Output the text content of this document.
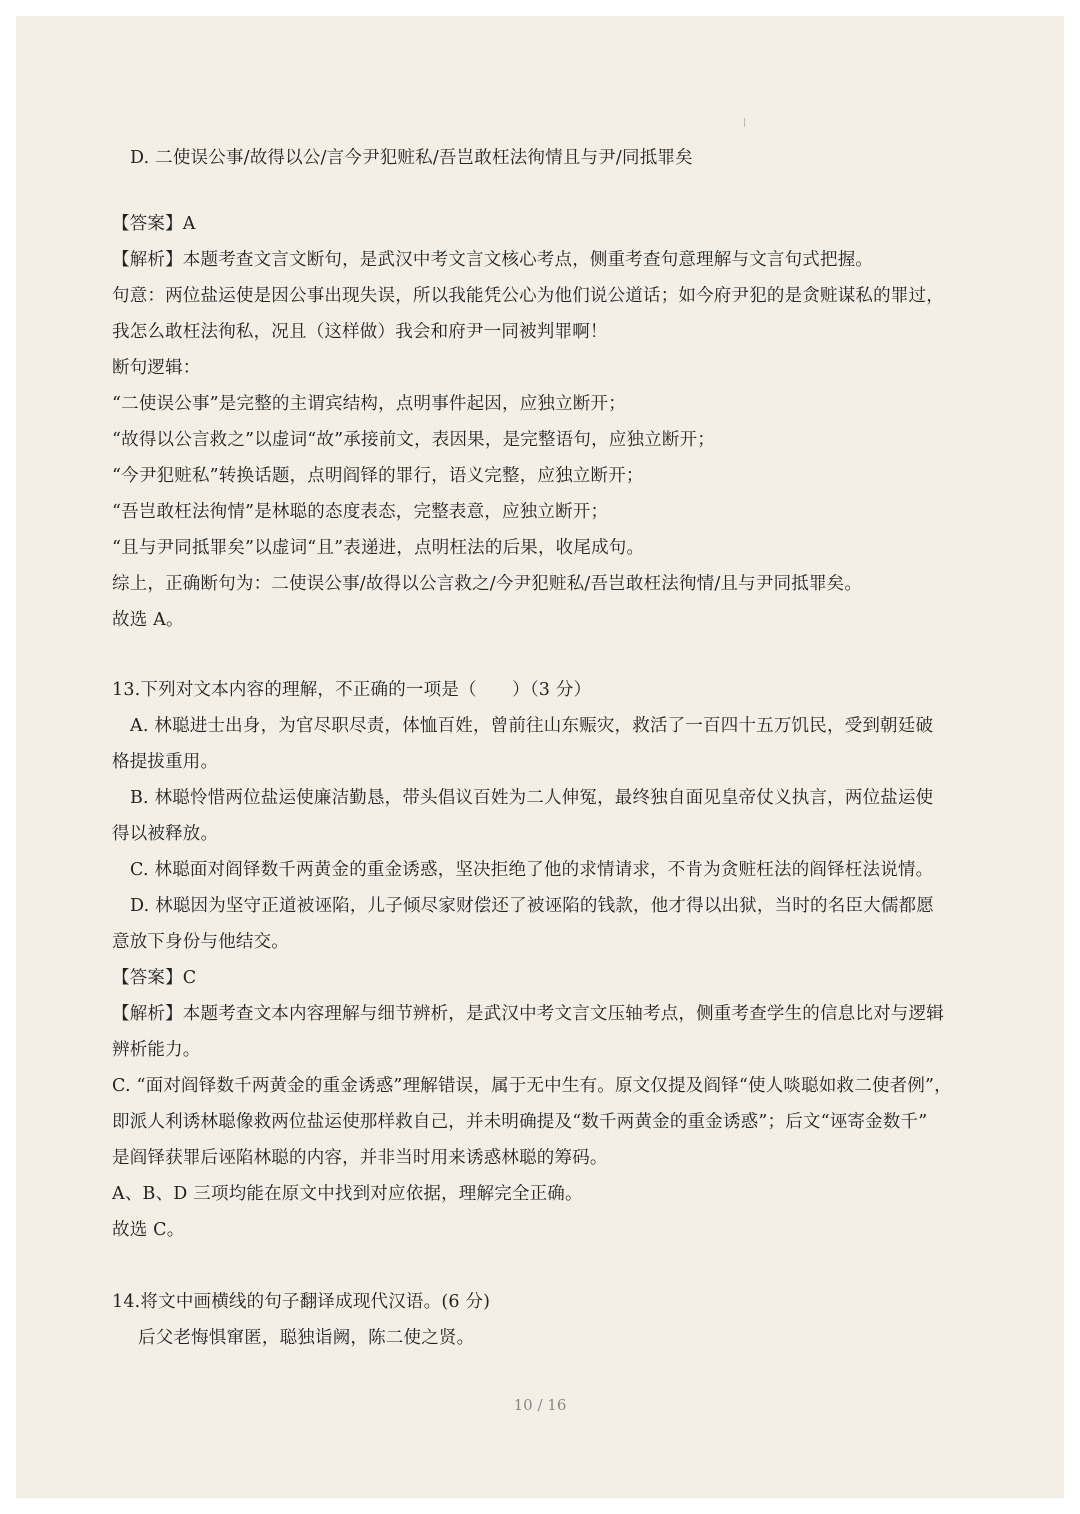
D. 二使误公事/故得以公/言今尹犯赃私/吾岂敢枉法徇情且与尹/同抵罪矣
【答案】A
【解析】本题考查文言文断句，是武汉中考文言文核心考点，侧重考查句意理解与文言句式把握。
句意：两位盐运使是因公事出现失误，所以我能凭公心为他们说公道话；如今府尹犯的是贪赃谋私的罪过，
我怎么敢枉法徇私，况且（这样做）我会和府尹一同被判罪啊！
断句逻辑：
“二使误公事”是完整的主谓宾结构，点明事件起因，应独立断开；
“故得以公言救之”以虚词“故”承接前文，表因果，是完整语句，应独立断开；
“今尹犯赃私”转换话题，点明阎铎的罪行，语义完整，应独立断开；
“吾岂敢枉法徇情”是林聪的态度表态，完整表意，应独立断开；
“且与尹同抵罪矣”以虚词“且”表递进，点明枉法的后果，收尾成句。
综上，正确断句为：二使误公事/故得以公言救之/今尹犯赃私/吾岂敢枉法徇情/且与尹同抵罪矣。
故选 A。
13.下列对文本内容的理解，不正确的一项是（　　）（3 分）
A. 林聪进士出身，为官尽职尽责，体恤百姓，曾前往山东赈灾，救活了一百四十五万饥民，受到朝廷破
格提拔重用。
B. 林聪怜惜两位盐运使廉洁勤恳，带头倡议百姓为二人伸冤，最终独自面见皇帝仗义执言，两位盐运使
得以被释放。
C. 林聪面对阎铎数千两黄金的重金诱惑，坚决拒绝了他的求情请求，不肯为贪赃枉法的阎铎枉法说情。
D. 林聪因为坚守正道被诬陷，儿子倾尽家财偿还了被诬陷的钱款，他才得以出狱，当时的名臣大儒都愿
意放下身份与他结交。
【答案】C
【解析】本题考查文本内容理解与细节辨析，是武汉中考文言文压轴考点，侧重考查学生的信息比对与逻辑
辨析能力。
C. “面对阎铎数千两黄金的重金诱惑”理解错误，属于无中生有。原文仅提及阎铎“使人啖聪如救二使者例”，
即派人利诱林聪像救两位盐运使那样救自己，并未明确提及“数千两黄金的重金诱惑”；后文“诬寄金数千”
是阎铎获罪后诬陷林聪的内容，并非当时用来诱惑林聪的筹码。
A、B、D 三项均能在原文中找到对应依据，理解完全正确。
故选 C。
14.将文中画横线的句子翻译成现代汉语。(6 分)
后父老悔惧窜匿，聪独诣阙，陈二使之贤。
10 / 16
